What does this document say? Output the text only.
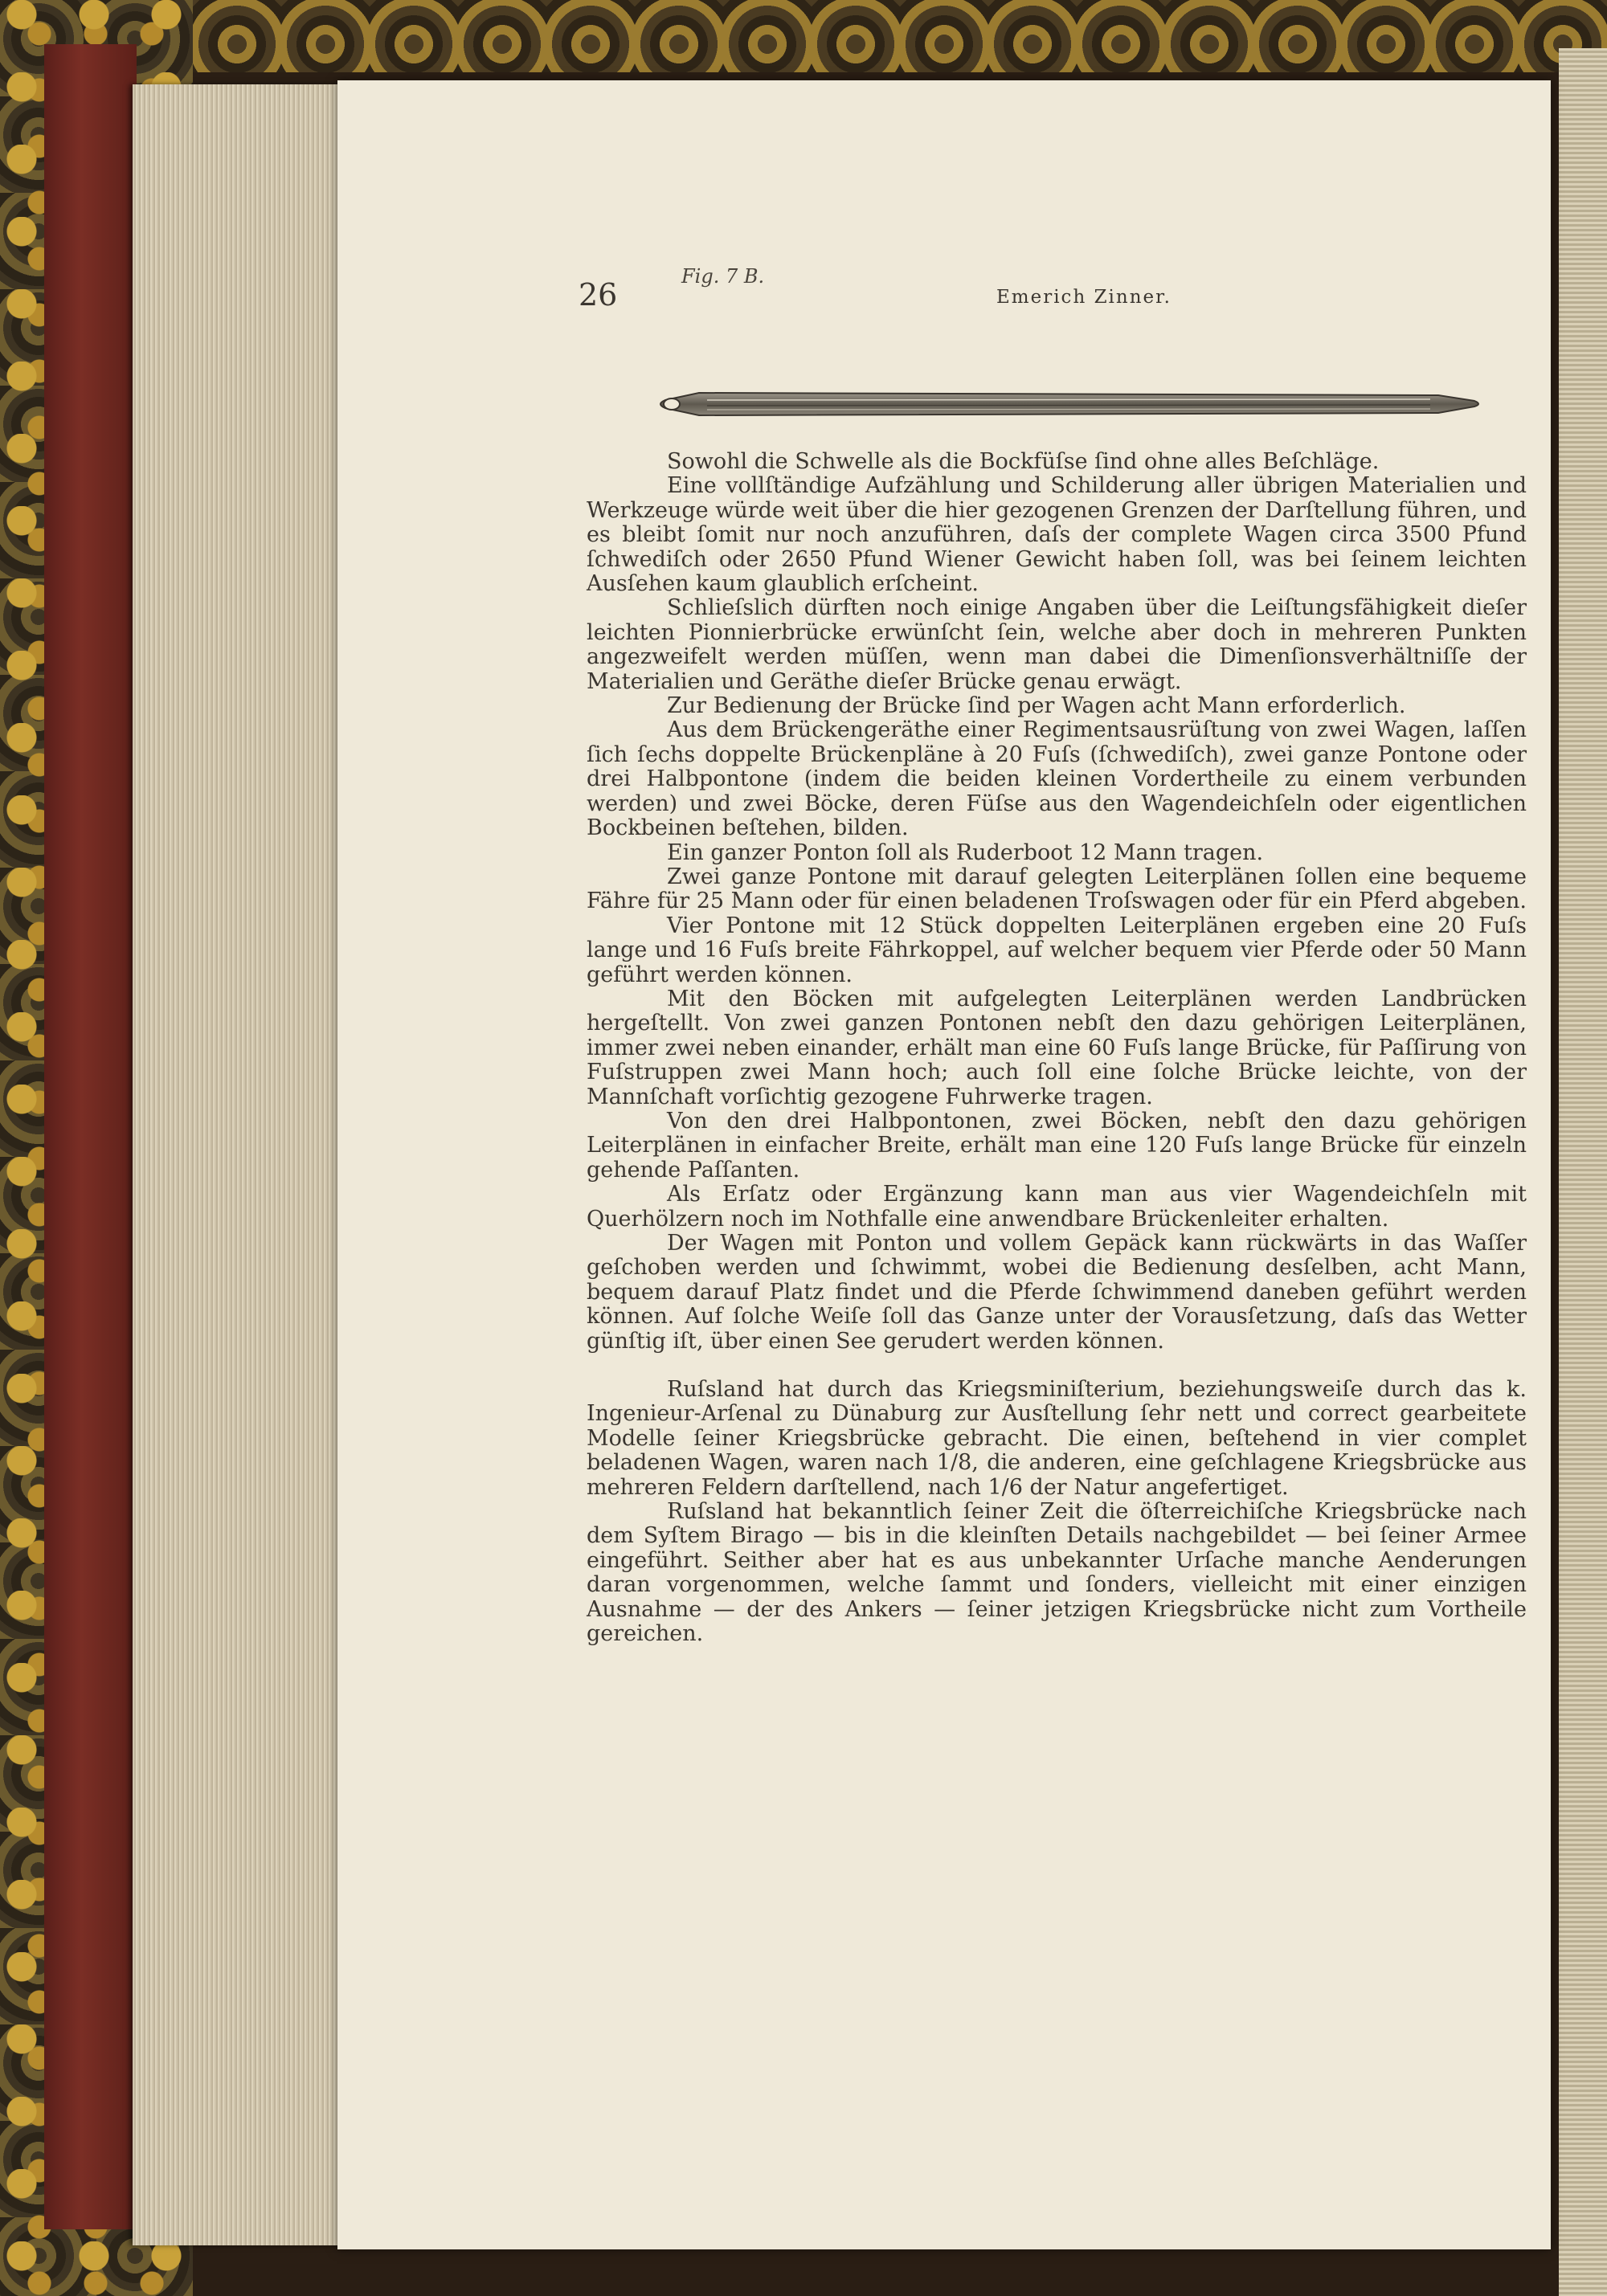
26	Emerich Zinner.
Fig. 7 B.

Sowohl die Schwelle als die Bockfüſse ſind ohne alles Beſchläge.

Eine vollſtändige Aufzählung und Schilderung aller übrigen Materialien und Werkzeuge würde weit über die hier gezogenen Grenzen der Darſtellung führen, und es bleibt ſomit nur noch anzuführen, daſs der complete Wagen circa 3500 Pfund ſchwediſch oder 2650 Pfund Wiener Gewicht haben ſoll, was bei ſeinem leichten Ausſehen kaum glaublich erſcheint.

Schlieſslich dürften noch einige Angaben über die Leiſtungsfähigkeit dieſer leichten Pionnierbrücke erwünſcht ſein, welche aber doch in mehreren Punkten angezweifelt werden müſſen, wenn man dabei die Dimenſionsverhältniſſe der Materialien und Geräthe dieſer Brücke genau erwägt.

Zur Bedienung der Brücke ſind per Wagen acht Mann erforderlich.

Aus dem Brückengeräthe einer Regimentsausrüſtung von zwei Wagen, laſſen ſich ſechs doppelte Brückenpläne à 20 Fuſs (ſchwediſch), zwei ganze Pontone oder drei Halbpontone (indem die beiden kleinen Vordertheile zu einem verbunden werden) und zwei Böcke, deren Füſse aus den Wagendeichſeln oder eigentlichen Bockbeinen beſtehen, bilden.

Ein ganzer Ponton ſoll als Ruderboot 12 Mann tragen.

Zwei ganze Pontone mit darauf gelegten Leiterplänen ſollen eine bequeme Fähre für 25 Mann oder für einen beladenen Troſswagen oder für ein Pferd abgeben.

Vier Pontone mit 12 Stück doppelten Leiterplänen ergeben eine 20 Fuſs lange und 16 Fuſs breite Fährkoppel, auf welcher bequem vier Pferde oder 50 Mann geführt werden können.

Mit den Böcken mit aufgelegten Leiterplänen werden Landbrücken hergeſtellt. Von zwei ganzen Pontonen nebſt den dazu gehörigen Leiterplänen, immer zwei neben einander, erhält man eine 60 Fuſs lange Brücke, für Paſſirung von Fuſstruppen zwei Mann hoch; auch ſoll eine ſolche Brücke leichte, von der Mannſchaft vorſichtig gezogene Fuhrwerke tragen.

Von den drei Halbpontonen, zwei Böcken, nebſt den dazu gehörigen Leiterplänen in einfacher Breite, erhält man eine 120 Fuſs lange Brücke für einzeln gehende Paſſanten.

Als Erſatz oder Ergänzung kann man aus vier Wagendeichſeln mit Querhölzern noch im Nothfalle eine anwendbare Brückenleiter erhalten.

Der Wagen mit Ponton und vollem Gepäck kann rückwärts in das Waſſer geſchoben werden und ſchwimmt, wobei die Bedienung desſelben, acht Mann, bequem darauf Platz findet und die Pferde ſchwimmend daneben geführt werden können. Auf ſolche Weiſe ſoll das Ganze unter der Vorausſetzung, daſs das Wetter günſtig iſt, über einen See gerudert werden können.

Ruſsland hat durch das Kriegsminiſterium, beziehungsweiſe durch das k. Ingenieur-Arſenal zu Dünaburg zur Ausſtellung ſehr nett und correct gearbeitete Modelle ſeiner Kriegsbrücke gebracht. Die einen, beſtehend in vier complet beladenen Wagen, waren nach 1/8, die anderen, eine geſchlagene Kriegsbrücke aus mehreren Feldern darſtellend, nach 1/6 der Natur angefertiget.

Ruſsland hat bekanntlich ſeiner Zeit die öſterreichiſche Kriegsbrücke nach dem Syſtem Birago — bis in die kleinſten Details nachgebildet — bei ſeiner Armee eingeführt. Seither aber hat es aus unbekannter Urſache manche Aenderungen daran vorgenommen, welche ſammt und ſonders, vielleicht mit einer einzigen Ausnahme — der des Ankers — ſeiner jetzigen Kriegsbrücke nicht zum Vortheile gereichen.
